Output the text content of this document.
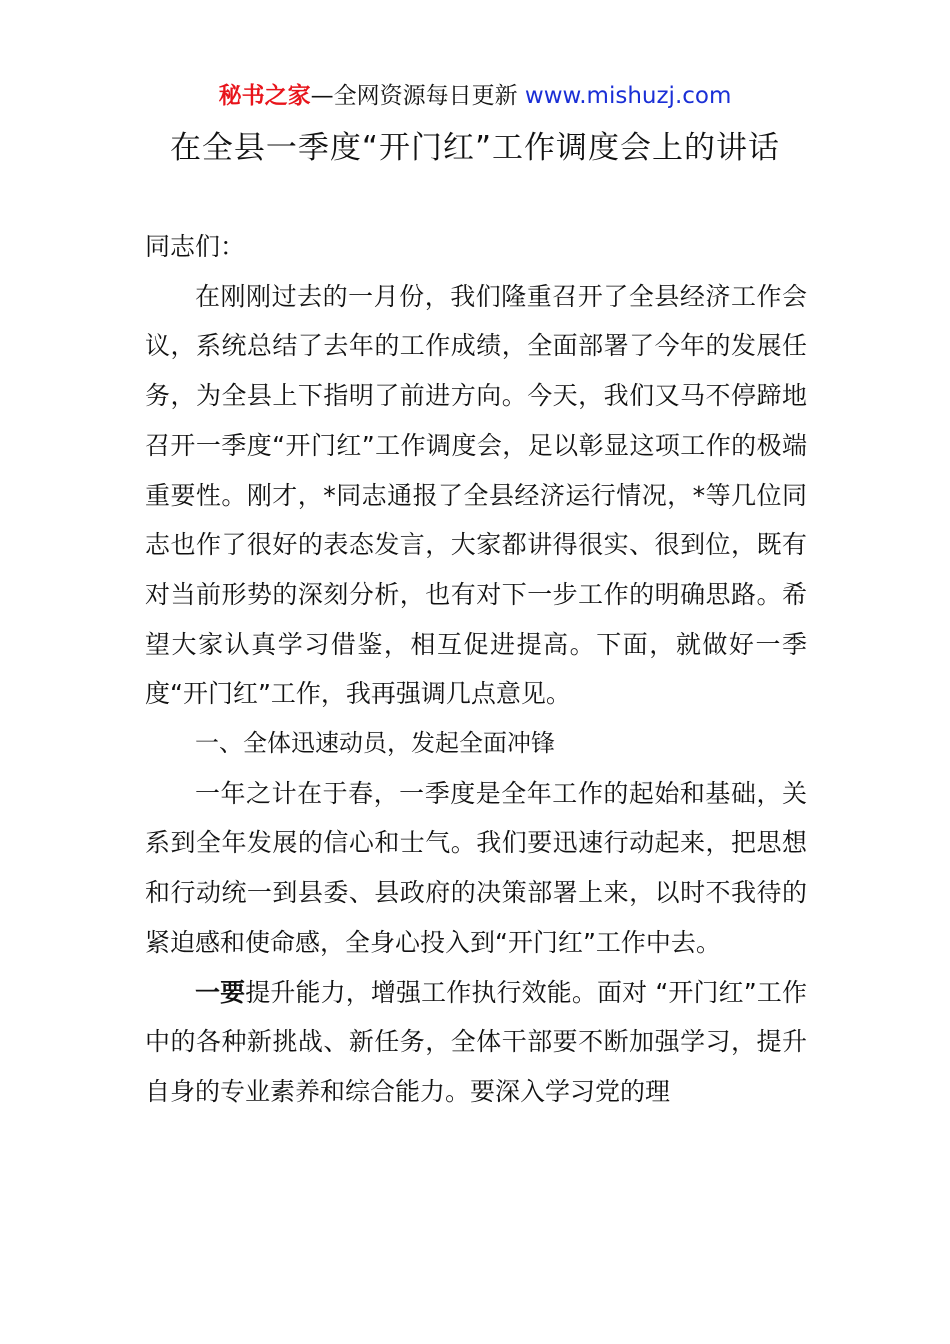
秘书之家—全网资源每日更新 www.mishuzj.com
在全县一季度“开门红”工作调度会上的讲话

同志们：

在刚刚过去的一月份，我们隆重召开了全县经济工作会议，系统总结了去年的工作成绩，全面部署了今年的发展任务，为全县上下指明了前进方向。今天，我们又马不停蹄地召开一季度“开门红”工作调度会，足以彰显这项工作的极端重要性。刚才，*同志通报了全县经济运行情况，*等几位同志也作了很好的表态发言，大家都讲得很实、很到位，既有对当前形势的深刻分析，也有对下一步工作的明确思路。希望大家认真学习借鉴，相互促进提高。下面，就做好一季度“开门红”工作，我再强调几点意见。

一、全体迅速动员，发起全面冲锋

一年之计在于春，一季度是全年工作的起始和基础，关系到全年发展的信心和士气。我们要迅速行动起来，把思想和行动统一到县委、县政府的决策部署上来，以时不我待的紧迫感和使命感，全身心投入到“开门红”工作中去。

一要提升能力，增强工作执行效能。面对 “开门红”工作中的各种新挑战、新任务，全体干部要不断加强学习，提升自身的专业素养和综合能力。要深入学习党的理
